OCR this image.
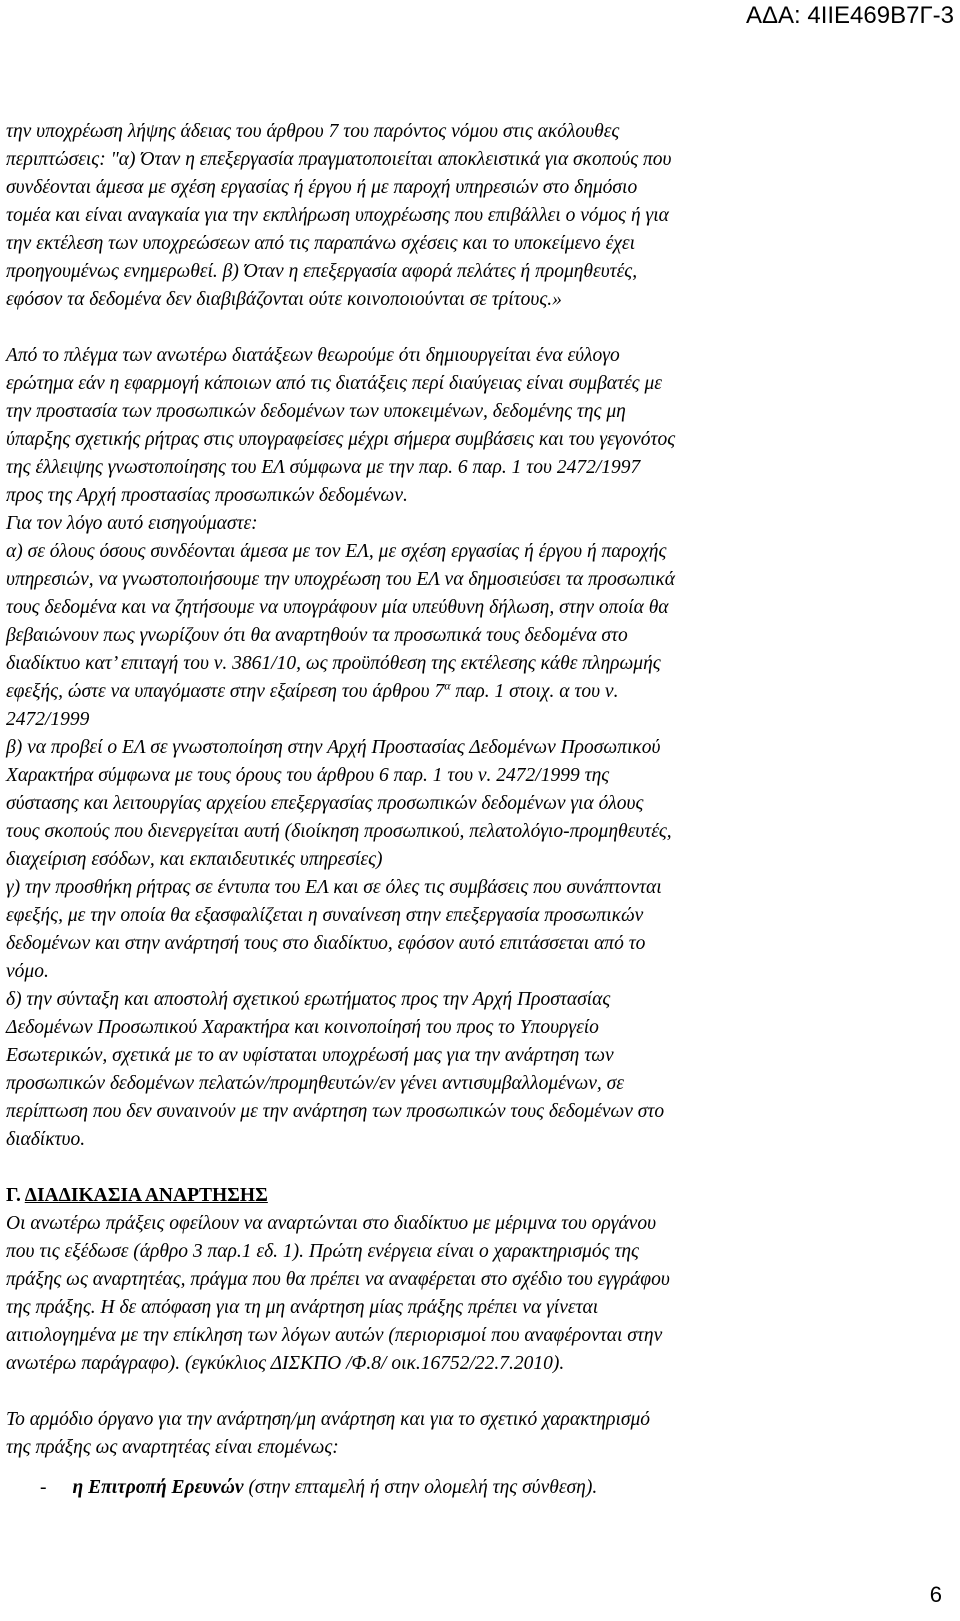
ΑΔΑ: 4ΙΙΕ469Β7Γ-3
την υποχρέωση λήψης άδειας του άρθρου 7 του παρόντος νόμου στις ακόλουθες
περιπτώσεις: "α) Όταν η επεξεργασία πραγματοποιείται αποκλειστικά για σκοπούς που
συνδέονται άμεσα με σχέση εργασίας ή έργου ή με παροχή υπηρεσιών στο δημόσιο
τομέα και είναι αναγκαία για την εκπλήρωση υποχρέωσης που επιβάλλει ο νόμος ή για
την εκτέλεση των υποχρεώσεων από τις παραπάνω σχέσεις και το υποκείμενο έχει
προηγουμένως ενημερωθεί. β) Όταν η επεξεργασία αφορά πελάτες ή προμηθευτές,
εφόσον τα δεδομένα δεν διαβιβάζονται ούτε κοινοποιούνται σε τρίτους.»
Από το πλέγμα των ανωτέρω διατάξεων θεωρούμε ότι δημιουργείται ένα εύλογο
ερώτημα εάν η εφαρμογή κάποιων από τις διατάξεις περί διαύγειας είναι συμβατές με
την προστασία των προσωπικών δεδομένων των υποκειμένων, δεδομένης της μη
ύπαρξης σχετικής ρήτρας στις υπογραφείσες μέχρι σήμερα συμβάσεις και του γεγονότος
της έλλειψης γνωστοποίησης του ΕΛ σύμφωνα με την παρ. 6 παρ. 1 του 2472/1997
προς της Αρχή προστασίας προσωπικών δεδομένων.
Για τον λόγο αυτό εισηγούμαστε:
α) σε όλους όσους συνδέονται άμεσα με τον ΕΛ, με σχέση εργασίας ή έργου ή παροχής
υπηρεσιών, να γνωστοποιήσουμε την υποχρέωση του ΕΛ να δημοσιεύσει τα προσωπικά
τους δεδομένα και να ζητήσουμε να υπογράφουν μία υπεύθυνη δήλωση, στην οποία θα
βεβαιώνουν πως γνωρίζουν ότι θα αναρτηθούν τα προσωπικά τους δεδομένα στο
διαδίκτυο κατ’ επιταγή του ν. 3861/10, ως προϋπόθεση της εκτέλεσης κάθε πληρωμής
εφεξής, ώστε να υπαγόμαστε στην εξαίρεση του άρθρου $7^\alpha$ παρ. 1 στοιχ. α του ν.
2472/1999
β) να προβεί ο ΕΛ σε γνωστοποίηση στην Αρχή Προστασίας Δεδομένων Προσωπικού
Χαρακτήρα σύμφωνα με τους όρους του άρθρου 6 παρ. 1 του ν. 2472/1999 της
σύστασης και λειτουργίας αρχείου επεξεργασίας προσωπικών δεδομένων για όλους
τους σκοπούς που διενεργείται αυτή (διοίκηση προσωπικού, πελατολόγιο-προμηθευτές,
διαχείριση εσόδων, και εκπαιδευτικές υπηρεσίες)
γ) την προσθήκη ρήτρας σε έντυπα του ΕΛ και σε όλες τις συμβάσεις που συνάπτονται
εφεξής, με την οποία θα εξασφαλίζεται η συναίνεση στην επεξεργασία προσωπικών
δεδομένων και στην ανάρτησή τους στο διαδίκτυο, εφόσον αυτό επιτάσσεται από το
νόμο.
δ) την σύνταξη και αποστολή σχετικού ερωτήματος προς την Αρχή Προστασίας
Δεδομένων Προσωπικού Χαρακτήρα και κοινοποίησή του προς το Υπουργείο
Εσωτερικών, σχετικά με το αν υφίσταται υποχρέωσή μας για την ανάρτηση των
προσωπικών δεδομένων πελατών/προμηθευτών/εν γένει αντισυμβαλλομένων, σε
περίπτωση που δεν συναινούν με την ανάρτηση των προσωπικών τους δεδομένων στο
διαδίκτυο.
Γ. ΔΙΑΔΙΚΑΣΙΑ ΑΝΑΡΤΗΣΗΣ
Οι ανωτέρω πράξεις οφείλουν να αναρτώνται στο διαδίκτυο με μέριμνα του οργάνου
που τις εξέδωσε (άρθρο 3 παρ.1 εδ. 1). Πρώτη ενέργεια είναι ο χαρακτηρισμός της
πράξης ως αναρτητέας, πράγμα που θα πρέπει να αναφέρεται στο σχέδιο του εγγράφου
της πράξης. Η δε απόφαση για τη μη ανάρτηση μίας πράξης πρέπει να γίνεται
αιτιολογημένα με την επίκληση των λόγων αυτών (περιορισμοί που αναφέρονται στην
ανωτέρω παράγραφο). (εγκύκλιος ΔΙΣΚΠΟ /Φ.8/ οικ.16752/22.7.2010).
Το αρμόδιο όργανο για την ανάρτηση/μη ανάρτηση και για το σχετικό χαρακτηρισμό
της πράξης ως αναρτητέας είναι επομένως:
- η Επιτροπή Ερευνών (στην επταμελή ή στην ολομελή της σύνθεση).
6
